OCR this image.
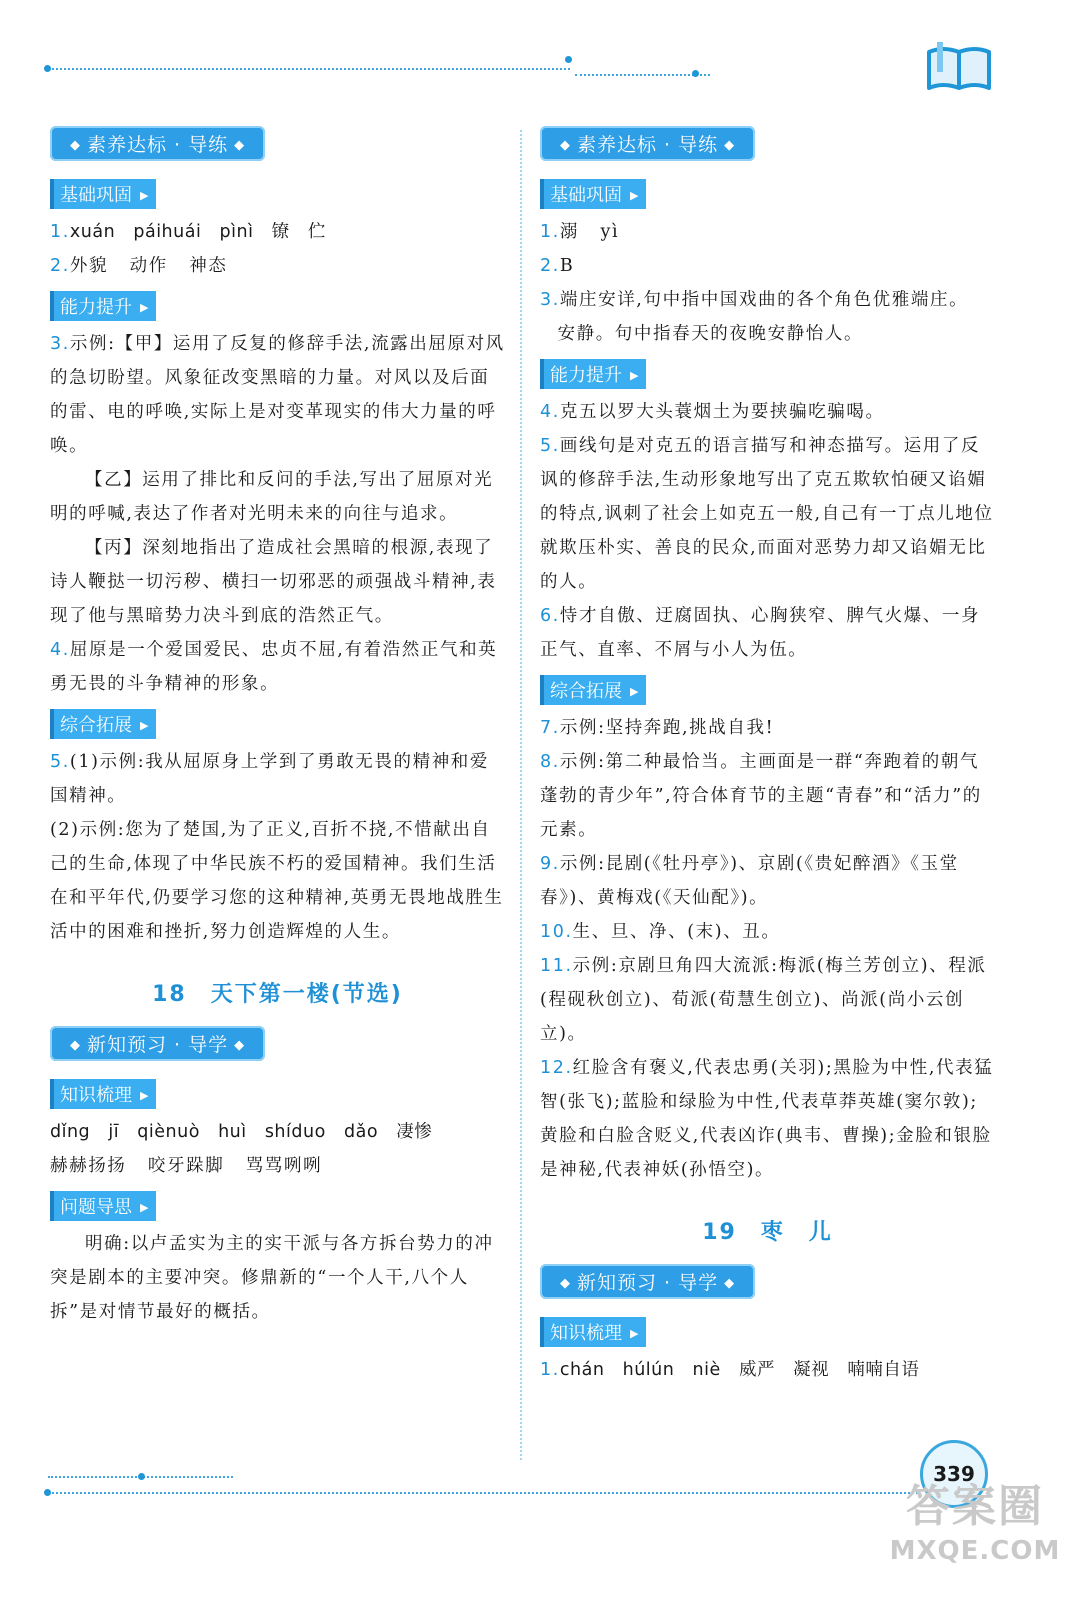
◆ 素养达标 · 导练 ◆
基础巩固 ▶

1.xuán   páihuái   pìnì   镣   伫

2.外貌   动作   神态

能力提升 ▶

3.示例:【甲】运用了反复的修辞手法,流露出屈原对风的急切盼望。风象征改变黑暗的力量。对风以及后面的雷、电的呼唤,实际上是对变革现实的伟大力量的呼唤。

【乙】运用了排比和反问的手法,写出了屈原对光明的呼喊,表达了作者对光明未来的向往与追求。

【丙】深刻地指出了造成社会黑暗的根源,表现了诗人鞭挞一切污秽、横扫一切邪恶的顽强战斗精神,表现了他与黑暗势力决斗到底的浩然正气。

4.屈原是一个爱国爱民、忠贞不屈,有着浩然正气和英勇无畏的斗争精神的形象。

综合拓展 ▶

5.(1)示例:我从屈原身上学到了勇敢无畏的精神和爱国精神。

(2)示例:您为了楚国,为了正义,百折不挠,不惜献出自己的生命,体现了中华民族不朽的爱国精神。我们生活在和平年代,仍要学习您的这种精神,英勇无畏地战胜生活中的困难和挫折,努力创造辉煌的人生。

18　天下第一楼(节选)
◆ 新知预习 · 导学 ◆
知识梳理 ▶

dǐng   jī   qiènuò   huì   shíduo   dǎo   凄惨

赫赫扬扬   咬牙跺脚   骂骂咧咧

问题导思 ▶

明确:以卢孟实为主的实干派与各方拆台势力的冲突是剧本的主要冲突。修鼎新的“一个人干,八个人拆”是对情节最好的概括。

◆ 素养达标 · 导练 ◆
基础巩固 ▶

1.溺   yì

2.B

3.端庄安详,句中指中国戏曲的各个角色优雅端庄。

安静。句中指春天的夜晚安静怡人。

能力提升 ▶

4.克五以罗大头蓑烟土为要挟骗吃骗喝。

5.画线句是对克五的语言描写和神态描写。运用了反讽的修辞手法,生动形象地写出了克五欺软怕硬又谄媚的特点,讽刺了社会上如克五一般,自己有一丁点儿地位就欺压朴实、善良的民众,而面对恶势力却又谄媚无比的人。

6.恃才自傲、迂腐固执、心胸狭窄、脾气火爆、一身正气、直率、不屑与小人为伍。

综合拓展 ▶

7.示例:坚持奔跑,挑战自我!

8.示例:第二种最恰当。主画面是一群“奔跑着的朝气蓬勃的青少年”,符合体育节的主题“青春”和“活力”的元素。

9.示例:昆剧(《牡丹亭》)、京剧(《贵妃醉酒》《玉堂春》)、黄梅戏(《天仙配》)。

10.生、旦、净、(末)、丑。

11.示例:京剧旦角四大流派:梅派(梅兰芳创立)、程派(程砚秋创立)、荀派(荀慧生创立)、尚派(尚小云创立)。

12.红脸含有褒义,代表忠勇(关羽);黑脸为中性,代表猛智(张飞);蓝脸和绿脸为中性,代表草莽英雄(窦尔敦);黄脸和白脸含贬义,代表凶诈(典韦、曹操);金脸和银脸是神秘,代表神妖(孙悟空)。

19　枣　儿
◆ 新知预习 · 导学 ◆
知识梳理 ▶

1.chán   húlún   niè   威严   凝视   喃喃自语

339
答案圈
MXQE.COM
